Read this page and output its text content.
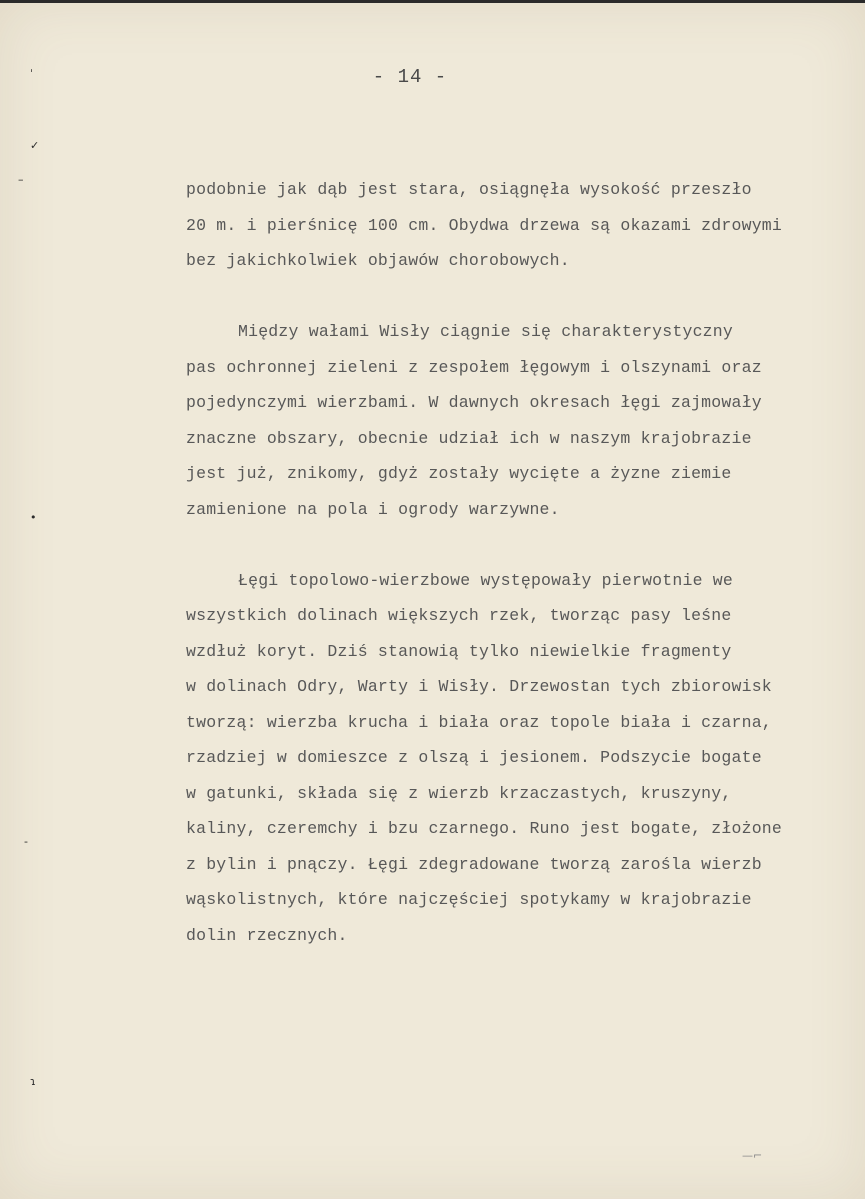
ˈ
✓
–
•
-
ɿ
—⌐
- 14 -

podobnie jak dąb jest stara, osiągnęła wysokość przeszło
20 m. i pierśnicę 100 cm. Obydwa drzewa są okazami zdrowymi
bez jakichkolwiek objawów chorobowych.

Między wałami Wisły ciągnie się charakterystyczny
pas ochronnej zieleni z zespołem łęgowym i olszynami oraz
pojedynczymi wierzbami. W dawnych okresach łęgi zajmowały
znaczne obszary, obecnie udział ich w naszym krajobrazie
jest już, znikomy, gdyż zostały wycięte a żyzne ziemie
zamienione na pola i ogrody warzywne.

Łęgi topolowo-wierzbowe występowały pierwotnie we
wszystkich dolinach większych rzek, tworząc pasy leśne
wzdłuż koryt. Dziś stanowią tylko niewielkie fragmenty
w dolinach Odry, Warty i Wisły. Drzewostan tych zbiorowisk
tworzą: wierzba krucha i biała oraz topole biała i czarna,
rzadziej w domieszce z olszą i jesionem. Podszycie bogate
w gatunki, składa się z wierzb krzaczastych, kruszyny,
kaliny, czeremchy i bzu czarnego. Runo jest bogate, złożone
z bylin i pnączy. Łęgi zdegradowane tworzą zarośla wierzb
wąskolistnych, które najczęściej spotykamy w krajobrazie
dolin rzecznych.
